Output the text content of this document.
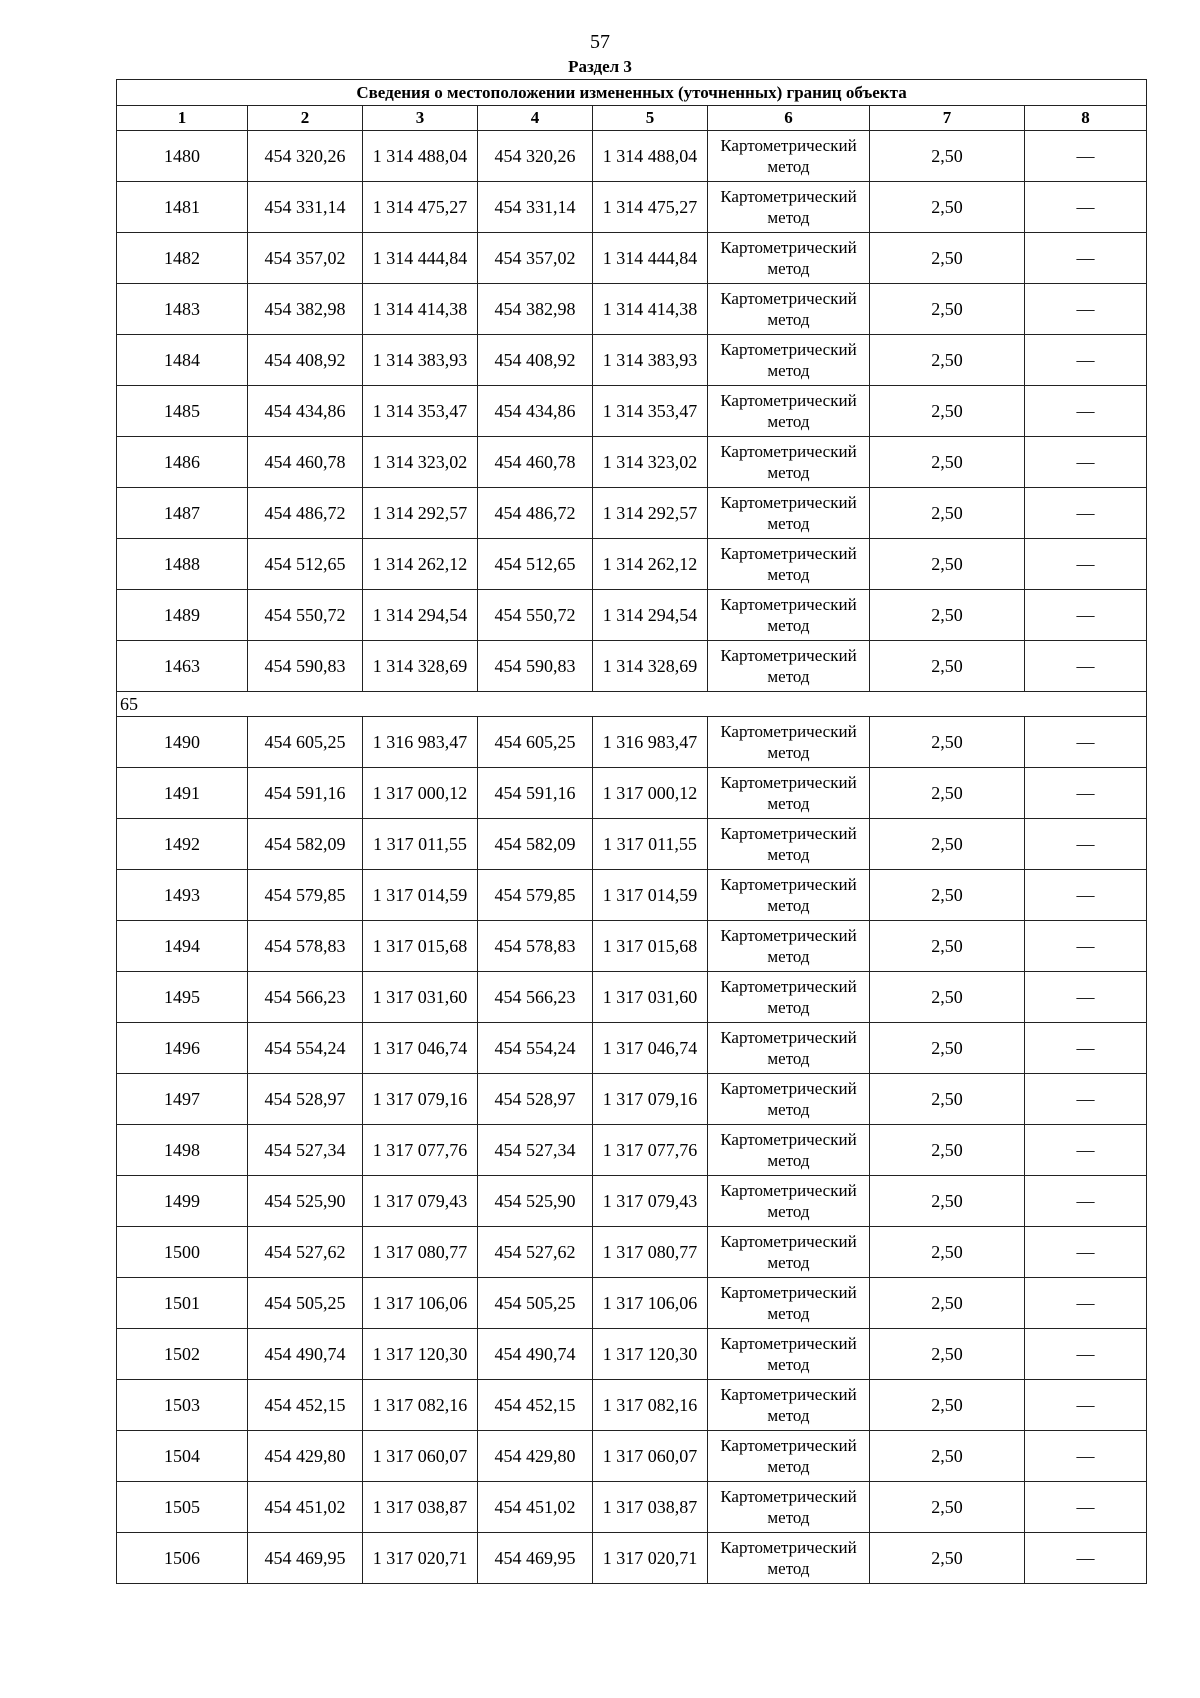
57
Раздел 3
Сведения о местоположении измененных (уточненных) границ объекта							
1	2	3	4	5	6	7	8
1480	454 320,26	1 314 488,04	454 320,26	1 314 488,04	Картометрический метод	2,50	—
1481	454 331,14	1 314 475,27	454 331,14	1 314 475,27	Картометрический метод	2,50	—
1482	454 357,02	1 314 444,84	454 357,02	1 314 444,84	Картометрический метод	2,50	—
1483	454 382,98	1 314 414,38	454 382,98	1 314 414,38	Картометрический метод	2,50	—
1484	454 408,92	1 314 383,93	454 408,92	1 314 383,93	Картометрический метод	2,50	—
1485	454 434,86	1 314 353,47	454 434,86	1 314 353,47	Картометрический метод	2,50	—
1486	454 460,78	1 314 323,02	454 460,78	1 314 323,02	Картометрический метод	2,50	—
1487	454 486,72	1 314 292,57	454 486,72	1 314 292,57	Картометрический метод	2,50	—
1488	454 512,65	1 314 262,12	454 512,65	1 314 262,12	Картометрический метод	2,50	—
1489	454 550,72	1 314 294,54	454 550,72	1 314 294,54	Картометрический метод	2,50	—
1463	454 590,83	1 314 328,69	454 590,83	1 314 328,69	Картометрический метод	2,50	—
65							
1490	454 605,25	1 316 983,47	454 605,25	1 316 983,47	Картометрический метод	2,50	—
1491	454 591,16	1 317 000,12	454 591,16	1 317 000,12	Картометрический метод	2,50	—
1492	454 582,09	1 317 011,55	454 582,09	1 317 011,55	Картометрический метод	2,50	—
1493	454 579,85	1 317 014,59	454 579,85	1 317 014,59	Картометрический метод	2,50	—
1494	454 578,83	1 317 015,68	454 578,83	1 317 015,68	Картометрический метод	2,50	—
1495	454 566,23	1 317 031,60	454 566,23	1 317 031,60	Картометрический метод	2,50	—
1496	454 554,24	1 317 046,74	454 554,24	1 317 046,74	Картометрический метод	2,50	—
1497	454 528,97	1 317 079,16	454 528,97	1 317 079,16	Картометрический метод	2,50	—
1498	454 527,34	1 317 077,76	454 527,34	1 317 077,76	Картометрический метод	2,50	—
1499	454 525,90	1 317 079,43	454 525,90	1 317 079,43	Картометрический метод	2,50	—
1500	454 527,62	1 317 080,77	454 527,62	1 317 080,77	Картометрический метод	2,50	—
1501	454 505,25	1 317 106,06	454 505,25	1 317 106,06	Картометрический метод	2,50	—
1502	454 490,74	1 317 120,30	454 490,74	1 317 120,30	Картометрический метод	2,50	—
1503	454 452,15	1 317 082,16	454 452,15	1 317 082,16	Картометрический метод	2,50	—
1504	454 429,80	1 317 060,07	454 429,80	1 317 060,07	Картометрический метод	2,50	—
1505	454 451,02	1 317 038,87	454 451,02	1 317 038,87	Картометрический метод	2,50	—
1506	454 469,95	1 317 020,71	454 469,95	1 317 020,71	Картометрический метод	2,50	—
